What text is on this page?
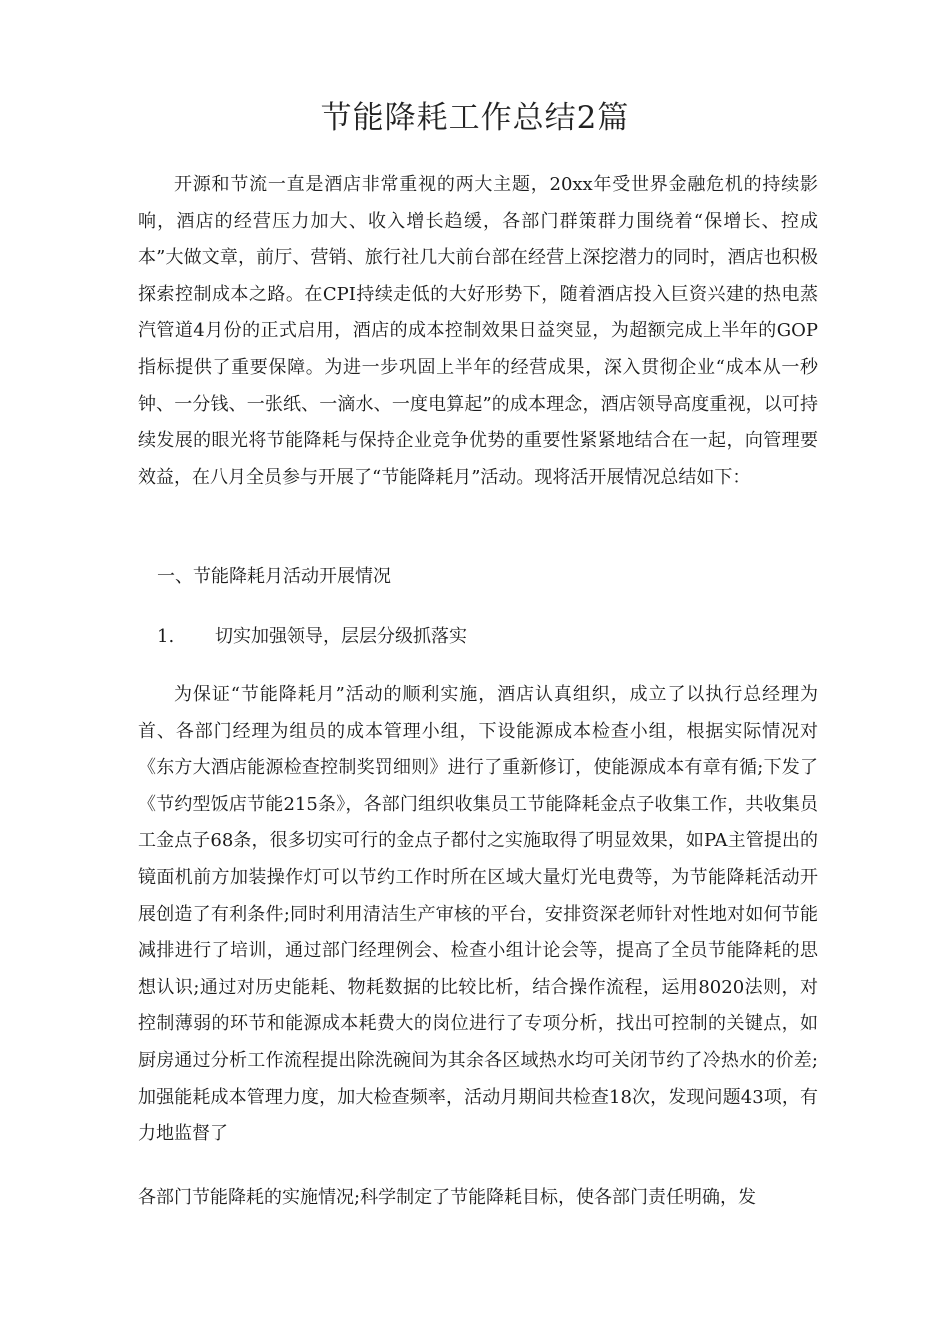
节能降耗工作总结2篇

开源和节流一直是酒店非常重视的两大主题，20xx年受世界金融危机的持续影响，酒店的经营压力加大、收入增长趋缓，各部门群策群力围绕着“保增长、控成本”大做文章，前厅、营销、旅行社几大前台部在经营上深挖潜力的同时，酒店也积极探索控制成本之路。在CPI持续走低的大好形势下，随着酒店投入巨资兴建的热电蒸汽管道4月份的正式启用，酒店的成本控制效果日益突显，为超额完成上半年的GOP指标提供了重要保障。为进一步巩固上半年的经营成果，深入贯彻企业“成本从一秒钟、一分钱、一张纸、一滴水、一度电算起”的成本理念，酒店领导高度重视，以可持续发展的眼光将节能降耗与保持企业竞争优势的重要性紧紧地结合在一起，向管理要效益，在八月全员参与开展了“节能降耗月”活动。现将活开展情况总结如下：

一、节能降耗月活动开展情况
1. 切实加强领导，层层分级抓落实

为保证“节能降耗月”活动的顺利实施，酒店认真组织，成立了以执行总经理为首、各部门经理为组员的成本管理小组，下设能源成本检查小组，根据实际情况对《东方大酒店能源检查控制奖罚细则》进行了重新修订，使能源成本有章有循;下发了《节约型饭店节能215条》，各部门组织收集员工节能降耗金点子收集工作，共收集员工金点子68条，很多切实可行的金点子都付之实施取得了明显效果，如PA主管提出的镜面机前方加装操作灯可以节约工作时所在区域大量灯光电费等，为节能降耗活动开展创造了有利条件;同时利用清洁生产审核的平台，安排资深老师针对性地对如何节能减排进行了培训，通过部门经理例会、检查小组计论会等，提高了全员节能降耗的思想认识;通过对历史能耗、物耗数据的比较比析，结合操作流程，运用8020法则，对控制薄弱的环节和能源成本耗费大的岗位进行了专项分析，找出可控制的关键点，如厨房通过分析工作流程提出除洗碗间为其余各区域热水均可关闭节约了冷热水的价差;加强能耗成本管理力度，加大检查频率，活动月期间共检查18次，发现问题43项，有力地监督了

各部门节能降耗的实施情况;科学制定了节能降耗目标，使各部门责任明确，发
